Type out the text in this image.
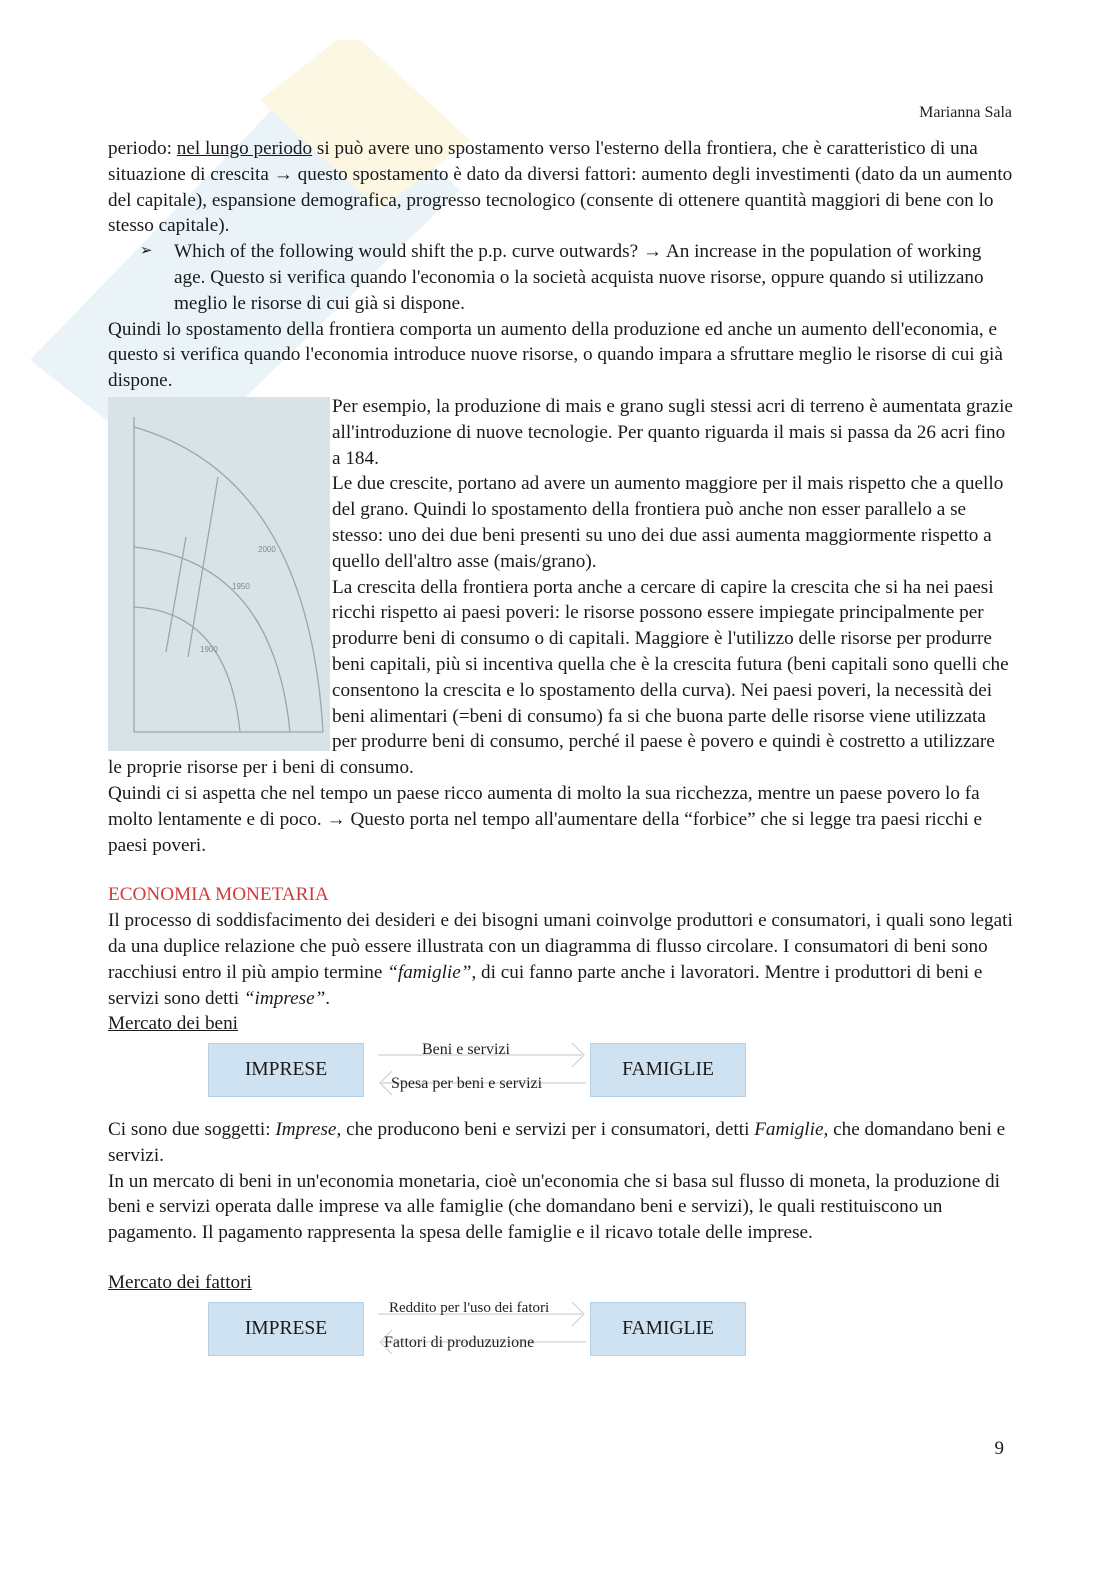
Marianna Sala

periodo: nel lungo periodo si può avere uno spostamento verso l'esterno della frontiera, che è caratteristico di una situazione di crescita → questo spostamento è dato da diversi fattori: aumento degli investimenti (dato da un aumento del capitale), espansione demografica, progresso tecnologico (consente di ottenere quantità maggiori di bene con lo stesso capitale).

➢	Which of the following would shift the p.p. curve outwards? → An increase in the population of working age. Questo si verifica quando l'economia o la società acquista nuove risorse, oppure quando si utilizzano meglio le risorse di cui già si dispone.

Quindi lo spostamento della frontiera comporta un aumento della produzione ed anche un aumento dell'economia, e questo si verifica quando l'economia introduce nuove risorse, o quando impara a sfruttare meglio le risorse di cui già dispone.

1900
1950
2000

Per esempio, la produzione di mais e grano sugli stessi acri di terreno è aumentata grazie all'introduzione di nuove tecnologie. Per quanto riguarda il mais si passa da 26 acri fino a 184.

Le due crescite, portano ad avere un aumento maggiore per il mais rispetto che a quello del grano. Quindi lo spostamento della frontiera può anche non esser parallelo a se stesso: uno dei due beni presenti su uno dei due assi aumenta maggiormente rispetto a quello dell'altro asse (mais/grano).

La crescita della frontiera porta anche a cercare di capire la crescita che si ha nei paesi ricchi rispetto ai paesi poveri: le risorse possono essere impiegate principalmente per produrre beni di consumo o di capitali. Maggiore è l'utilizzo delle risorse per produrre beni capitali, più si incentiva quella che è la crescita futura (beni capitali sono quelli che consentono la crescita e lo spostamento della curva). Nei paesi poveri, la necessità dei beni alimentari (=beni di consumo) fa si che buona parte delle risorse viene utilizzata per produrre beni di consumo, perché il paese è povero e quindi è costretto a utilizzare le proprie risorse per i beni di consumo.

Quindi ci si aspetta che nel tempo un paese ricco aumenta di molto la sua ricchezza, mentre un paese povero lo fa molto lentamente e di poco. → Questo porta nel tempo all'aumentare della “forbice” che si legge tra paesi ricchi e paesi poveri.

ECONOMIA MONETARIA

Il processo di soddisfacimento dei desideri e dei bisogni umani coinvolge produttori e consumatori, i quali sono legati da una duplice relazione che può essere illustrata con un diagramma di flusso circolare. I consumatori di beni sono racchiusi entro il più ampio termine “famiglie”, di cui fanno parte anche i lavoratori. Mentre i produttori di beni e servizi sono detti “imprese”.

Mercato dei beni

IMPRESE
Beni e servizi
Spesa per beni e servizi
FAMIGLIE

Ci sono due soggetti: Imprese, che producono beni e servizi per i consumatori, detti Famiglie, che domandano beni e servizi.

In un mercato di beni in un'economia monetaria, cioè un'economia che si basa sul flusso di moneta, la produzione di beni e servizi operata dalle imprese va alle famiglie (che domandano beni e servizi), le quali restituiscono un pagamento. Il pagamento rappresenta la spesa delle famiglie e il ricavo totale delle imprese.

Mercato dei fattori

IMPRESE
Reddito per l'uso dei fatori
Fattori di produzuzione
FAMIGLIE
9
